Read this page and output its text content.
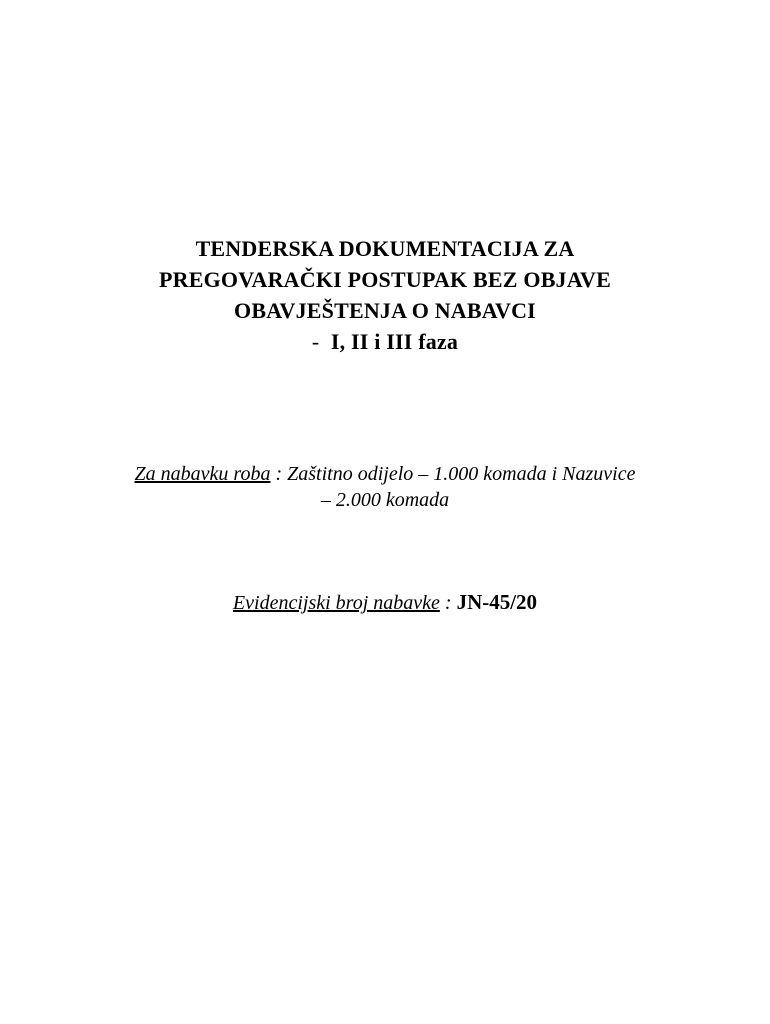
TENDERSKA DOKUMENTACIJA ZA
PREGOVARAČKI POSTUPAK BEZ OBJAVE
OBAVJEŠTENJA O NABAVCI
- I, II i III faza
Za nabavku roba : Zaštitno odijelo – 1.000 komada i Nazuvice
– 2.000 komada
Evidencijski broj nabavke : JN-45/20
